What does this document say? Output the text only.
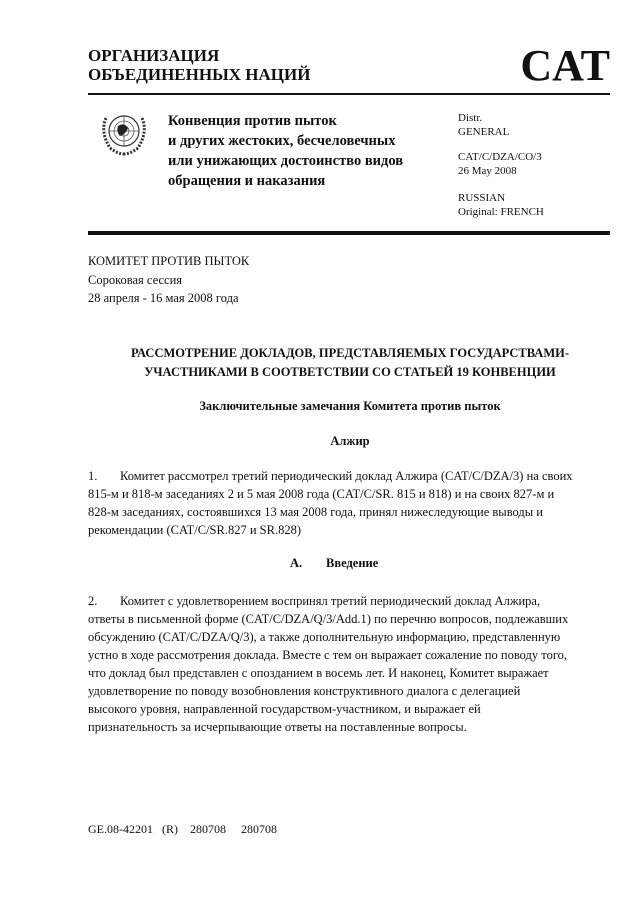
ОРГАНИЗАЦИЯ
ОБЪЕДИНЕННЫХ НАЦИЙ	CAT
Конвенция против пыток
и других жестоких, бесчеловечных
или унижающих достоинство видов
обращения и наказания
Distr.
GENERAL
CAT/C/DZA/CO/3
26 May 2008
RUSSIAN
Original: FRENCH
КОМИТЕТ ПРОТИВ ПЫТОК
Сороковая сессия
28 апреля - 16 мая 2008 года
РАССМОТРЕНИЕ ДОКЛАДОВ, ПРЕДСТАВЛЯЕМЫХ ГОСУДАРСТВАМИ-
УЧАСТНИКАМИ В СООТВЕТСТВИИ СО СТАТЬЕЙ 19 КОНВЕНЦИИ
Заключительные замечания Комитета против пыток
Алжир
1. Комитет рассмотрел третий периодический доклад Алжира (CAT/C/DZA/3) на своих
815-м и 818-м заседаниях 2 и 5 мая 2008 года (CAT/C/SR. 815 и 818) и на своих 827-м и
828-м заседаниях, состоявшихся 13 мая 2008 года, принял нижеследующие выводы и
рекомендации (CAT/C/SR.827 и SR.828)
A. Введение
2. Комитет с удовлетворением воспринял третий периодический доклад Алжира,
ответы в письменной форме (CAT/C/DZA/Q/3/Add.1) по перечню вопросов, подлежавших
обсуждению (CAT/C/DZA/Q/3), а также дополнительную информацию, представленную
устно в ходе рассмотрения доклада. Вместе с тем он выражает сожаление по поводу того,
что доклад был представлен с опозданием в восемь лет. И наконец, Комитет выражает
удовлетворение по поводу возобновления конструктивного диалога с делегацией
высокого уровня, направленной государством-участником, и выражает ей
признательность за исчерпывающие ответы на поставленные вопросы.
GE.08-42201   (R)    280708     280708
